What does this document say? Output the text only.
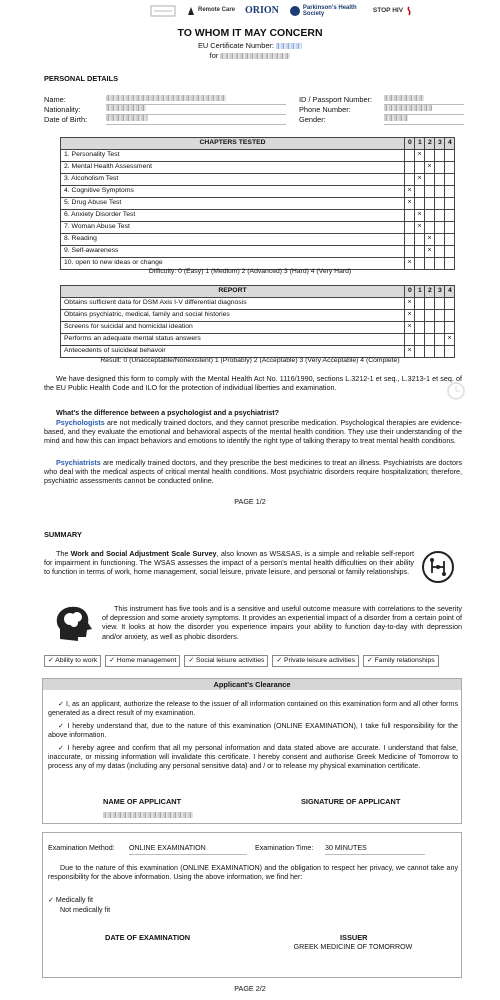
Remote Care ORION	Parkinson's Health Society
STOP HIV
TO WHOM IT MAY CONCERN
EU Certificate Number:
for
PERSONAL DETAILS
Name:	ID / Passport Number:
Nationality:	Phone Number:
Date of Birth:	Gender:
CHAPTERS TESTED	0	1	2	3	4
1. Personality Test		×			
2. Mental Health Assessment			×		
3. Alcoholism Test		×			
4. Cognitive Symptoms	×				
5. Drug Abuse Test	×				
6. Anxiety Disorder Test		×			
7. Woman Abuse Test		×			
8. Reading			×		
9. Self-awareness			×		
10. open to new ideas or change	×				
Difficulty: 0 (Easy) 1 (Medium) 2 (Advanced) 3 (Hard) 4 (Very Hard)
REPORT	0	1	2	3	4
Obtains sufficient data for DSM Axis I-V differential diagnosis	×				
Obtains psychiatric, medical, family and social histories	×				
Screens for suicidal and homicidal ideation	×				
Performs an adequate mental status answers					×
Antecedents of suicideal behavoir	×				
Result: 0 (Unacceptable/Nonexistent) 1 (Probably) 2 (Acceptable) 3 (Very Acceptable) 4 (Complete)
We have designed this form to comply with the Mental Health Act No. 1116/1990, sections L.3212-1 et seq., L.3213-1 et seq. of the EU Public Health Code and ILO for the protection of individual liberties and examination.
What's the difference between a psychologist and a psychiatrist?
Psychologists are not medically trained doctors, and they cannot prescribe medication. Psychological therapies are evidence-based, and they evaluate the emotional and behavioral aspects of the mental health condition. They use their understanding of the mind and how this can impact behaviors and emotions to identify the right type of talking therapy to treat mental health conditions.
Psychiatrists are medically trained doctors, and they prescribe the best medicines to treat an illness. Psychiatrists are doctors who deal with the medical aspects of critical mental health conditions. Most psychiatric disorders require hospitalization; therefore, psychiatric assessments cannot be conducted online.
PAGE 1/2
SUMMARY
The Work and Social Adjustment Scale Survey, also known as WS&SAS, is a simple and reliable self-report for impairment in functioning. The WSAS assesses the impact of a person's mental health difficulties on their ability to function in terms of work, home management, social leisure, private leisure, and personal or family relationships.
This instrument has five tools and is a sensitive and useful outcome measure with correlations to the severity of depression and some anxiety symptoms. It provides an experiential impact of a disorder from a certain point of view. It looks at how the disorder you experience impairs your ability to function day-to-day with depression and/or anxiety, as well as phobic disorders.
✓ Ability to work	✓ Home management	✓ Social leisure activities	✓ Private leisure activities	✓ Family relationships
Applicant's Clearance
✓ I, as an applicant, authorize the release to the issuer of all information contained on this examination form and all other forms generated as a direct result of my examination.
✓ I hereby understand that, due to the nature of this examination (ONLINE EXAMINATION), I take full responsibility for the above information.
✓ I hereby agree and confirm that all my personal information and data stated above are accurate. I understand that false, inaccurate, or missing information will invalidate this certificate. I hereby consent and authorise Greek Medicine of Tomorrow to process any of my datas (including any personal sensitive data) and / or to release my physical examination certificate.
NAME OF APPLICANT	SIGNATURE OF APPLICANT
Examination Method: ONLINE EXAMINATION	Examination Time: 30 MINUTES
Due to the nature of this examination (ONLINE EXAMINATION) and the obligation to respect her privacy, we cannot take any responsibility for the above information. Using the above information, we find her:
✓ Medically fit
Not medically fit
DATE OF EXAMINATION	ISSUER
GREEK MEDICINE OF TOMORROW
PAGE 2/2
